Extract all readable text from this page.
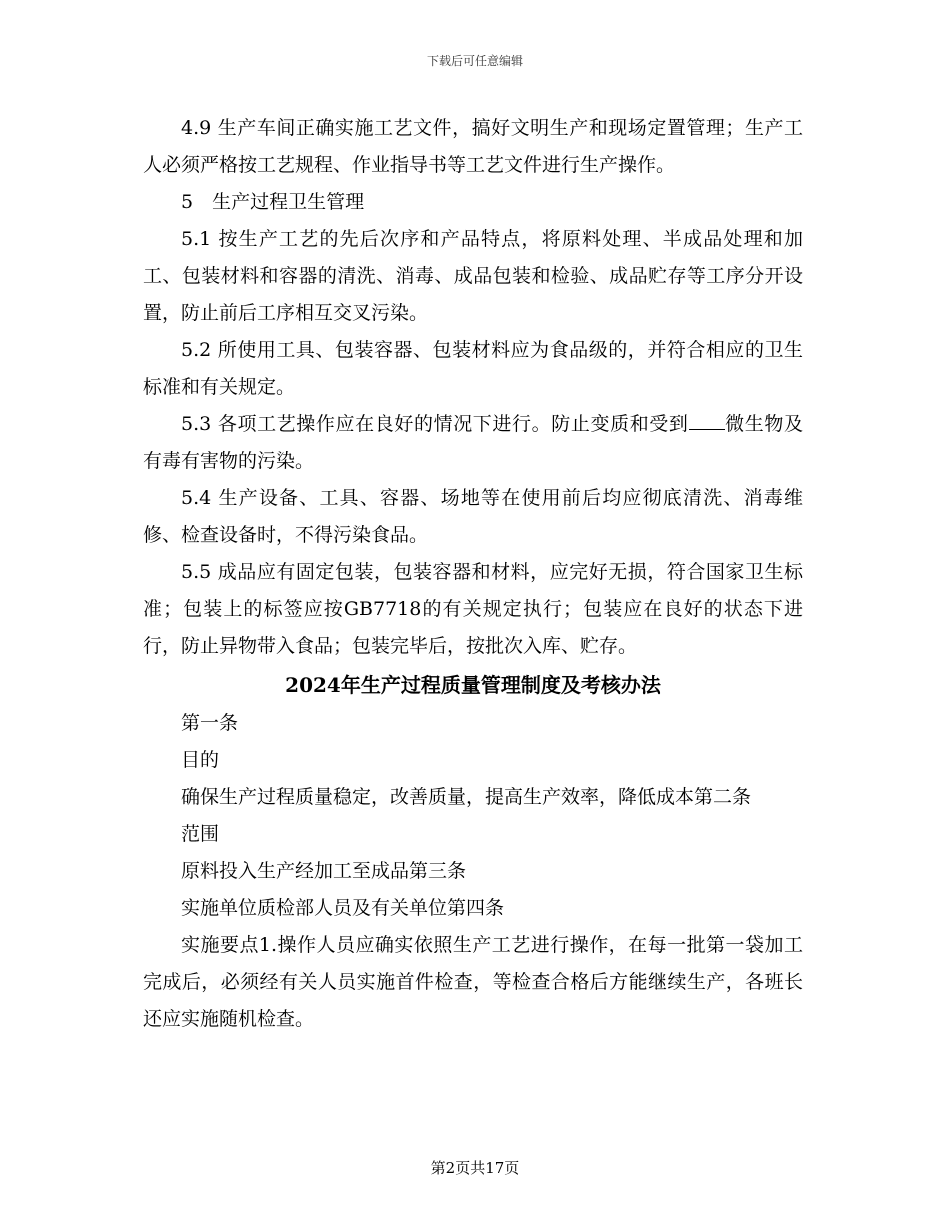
下载后可任意编辑

4.9 生产车间正确实施工艺文件，搞好文明生产和现场定置管理；生产工人必须严格按工艺规程、作业指导书等工艺文件进行生产操作。

5　生产过程卫生管理

5.1 按生产工艺的先后次序和产品特点，将原料处理、半成品处理和加工、包装材料和容器的清洗、消毒、成品包装和检验、成品贮存等工序分开设置，防止前后工序相互交叉污染。

5.2 所使用工具、包装容器、包装材料应为食品级的，并符合相应的卫生标准和有关规定。

5.3 各项工艺操作应在良好的情况下进行。防止变质和受到 微生物及有毒有害物的污染。

5.4 生产设备、工具、容器、场地等在使用前后均应彻底清洗、消毒维修、检查设备时，不得污染食品。

5.5 成品应有固定包装，包装容器和材料，应完好无损，符合国家卫生标准；包装上的标签应按GB7718的有关规定执行；包装应在良好的状态下进行，防止异物带入食品；包装完毕后，按批次入库、贮存。

2024年生产过程质量管理制度及考核办法

第一条

目的

确保生产过程质量稳定，改善质量，提高生产效率，降低成本第二条

范围

原料投入生产经加工至成品第三条

实施单位质检部人员及有关单位第四条

实施要点1.操作人员应确实依照生产工艺进行操作，在每一批第一袋加工完成后，必须经有关人员实施首件检查，等检查合格后方能继续生产，各班长还应实施随机检查。

第2页共17页
